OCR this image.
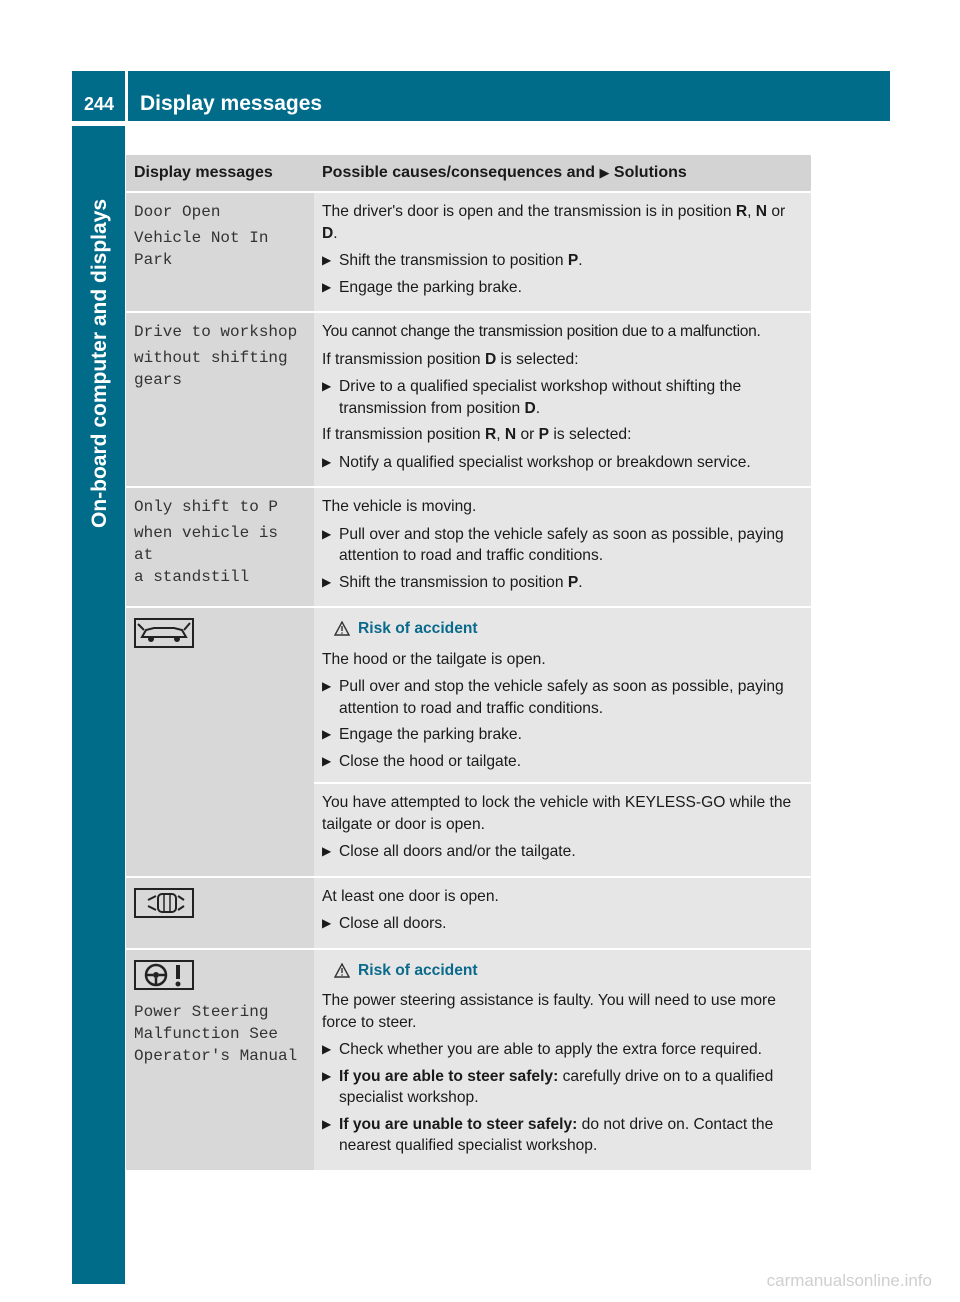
244	Display messages
On-board computer and displays
Display messages	Possible causes/consequences and ▶ Solutions

Door Open

Vehicle Not In Park

The driver's door is open and the transmission is in position R, N or D.

▶ Shift the transmission to position P.
▶ Engage the parking brake.

Drive to workshop

without shifting
gears

You cannot change the transmission position due to a malfunction.

If transmission position D is selected:

▶ Drive to a qualified specialist workshop without shifting the transmission from position D.

If transmission position R, N or P is selected:

▶ Notify a qualified specialist workshop or breakdown service.

Only shift to P

when vehicle is at
a standstill

The vehicle is moving.

▶ Pull over and stop the vehicle safely as soon as possible, paying attention to road and traffic conditions.
▶ Shift the transmission to position P.
Risk of accident

The hood or the tailgate is open.

▶ Pull over and stop the vehicle safely as soon as possible, paying attention to road and traffic conditions.
▶ Engage the parking brake.
▶ Close the hood or tailgate.

You have attempted to lock the vehicle with KEYLESS-GO while the tailgate or door is open.

▶ Close all doors and/or the tailgate.

At least one door is open.

▶ Close all doors.

Power Steering
Malfunction See
Operator's Manual

Risk of accident

The power steering assistance is faulty. You will need to use more force to steer.

▶ Check whether you are able to apply the extra force required.
▶ If you are able to steer safely: carefully drive on to a qualified specialist workshop.
▶ If you are unable to steer safely: do not drive on. Contact the nearest qualified specialist workshop.
carmanualsonline.info
